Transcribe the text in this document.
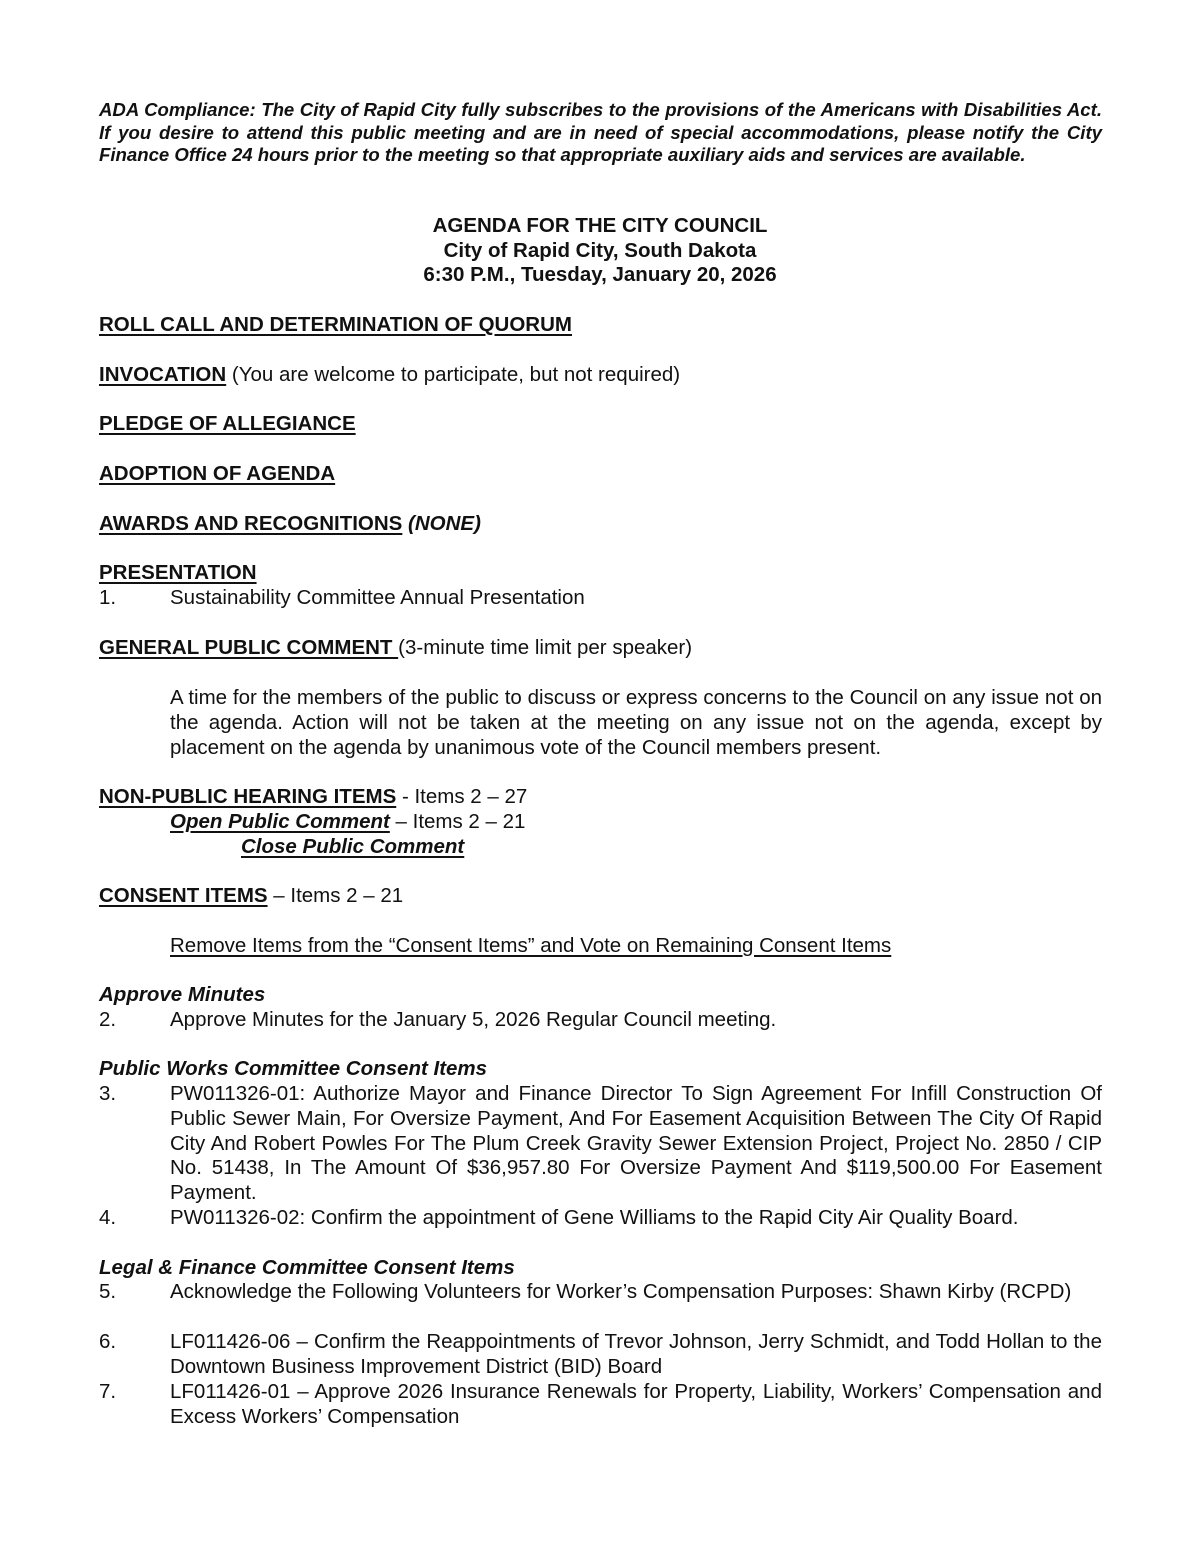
ADA Compliance: The City of Rapid City fully subscribes to the provisions of the Americans with Disabilities Act. If you desire to attend this public meeting and are in need of special accommodations, please notify the City Finance Office 24 hours prior to the meeting so that appropriate auxiliary aids and services are available.

AGENDA FOR THE CITY COUNCIL
City of Rapid City, South Dakota
6:30 P.M., Tuesday, January 20, 2026

ROLL CALL AND DETERMINATION OF QUORUM

INVOCATION (You are welcome to participate, but not required)

PLEDGE OF ALLEGIANCE

ADOPTION OF AGENDA

AWARDS AND RECOGNITIONS (NONE)

PRESENTATION

1.	Sustainability Committee Annual Presentation

GENERAL PUBLIC COMMENT (3-minute time limit per speaker)

A time for the members of the public to discuss or express concerns to the Council on any issue not on the agenda. Action will not be taken at the meeting on any issue not on the agenda, except by placement on the agenda by unanimous vote of the Council members present.

NON-PUBLIC HEARING ITEMS - Items 2 – 27

Open Public Comment – Items 2 – 21

Close Public Comment

CONSENT ITEMS – Items 2 – 21

Remove Items from the “Consent Items” and Vote on Remaining Consent Items

Approve Minutes

2.	Approve Minutes for the January 5, 2026 Regular Council meeting.

Public Works Committee Consent Items

3.	PW011326-01: Authorize Mayor and Finance Director To Sign Agreement For Infill Construction Of Public Sewer Main, For Oversize Payment, And For Easement Acquisition Between The City Of Rapid City And Robert Powles For The Plum Creek Gravity Sewer Extension Project, Project No. 2850 / CIP No. 51438, In The Amount Of $36,957.80 For Oversize Payment And $119,500.00 For Easement Payment.
4.	PW011326-02: Confirm the appointment of Gene Williams to the Rapid City Air Quality Board.

Legal & Finance Committee Consent Items

5.	Acknowledge the Following Volunteers for Worker’s Compensation Purposes: Shawn Kirby (RCPD)
6.	LF011426-06 – Confirm the Reappointments of Trevor Johnson, Jerry Schmidt, and Todd Hollan to the Downtown Business Improvement District (BID) Board
7.	LF011426-01 – Approve 2026 Insurance Renewals for Property, Liability, Workers’ Compensation and Excess Workers’ Compensation
